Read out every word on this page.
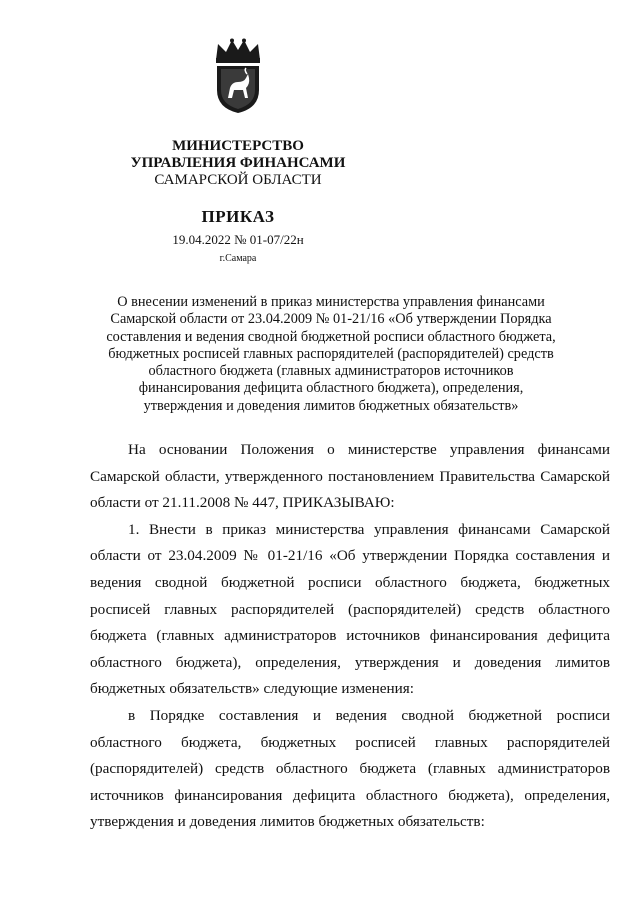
МИНИСТЕРСТВО
УПРАВЛЕНИЯ ФИНАНСАМИ
САМАРСКОЙ ОБЛАСТИ
ПРИКАЗ
19.04.2022 № 01-07/22н
г.Самара
О внесении изменений в приказ министерства управления финансами Самарской области от 23.04.2009 № 01-21/16 «Об утверждении Порядка составления и ведения сводной бюджетной росписи областного бюджета, бюджетных росписей главных распорядителей (распорядителей) средств областного бюджета (главных администраторов источников финансирования дефицита областного бюджета), определения, утверждения и доведения лимитов бюджетных обязательств»

На основании Положения о министерстве управления финансами Самарской области, утвержденного постановлением Правительства Самарской области от 21.11.2008 № 447, ПРИКАЗЫВАЮ:

1. Внести в приказ министерства управления финансами Самарской области от 23.04.2009 № 01-21/16 «Об утверждении Порядка составления и ведения сводной бюджетной росписи областного бюджета, бюджетных росписей главных распорядителей (распорядителей) средств областного бюджета (главных администраторов источников финансирования дефицита областного бюджета), определения, утверждения и доведения лимитов бюджетных обязательств» следующие изменения:

в Порядке составления и ведения сводной бюджетной росписи областного бюджета, бюджетных росписей главных распорядителей (распорядителей) средств областного бюджета (главных администраторов источников финансирования дефицита областного бюджета), определения, утверждения и доведения лимитов бюджетных обязательств:
